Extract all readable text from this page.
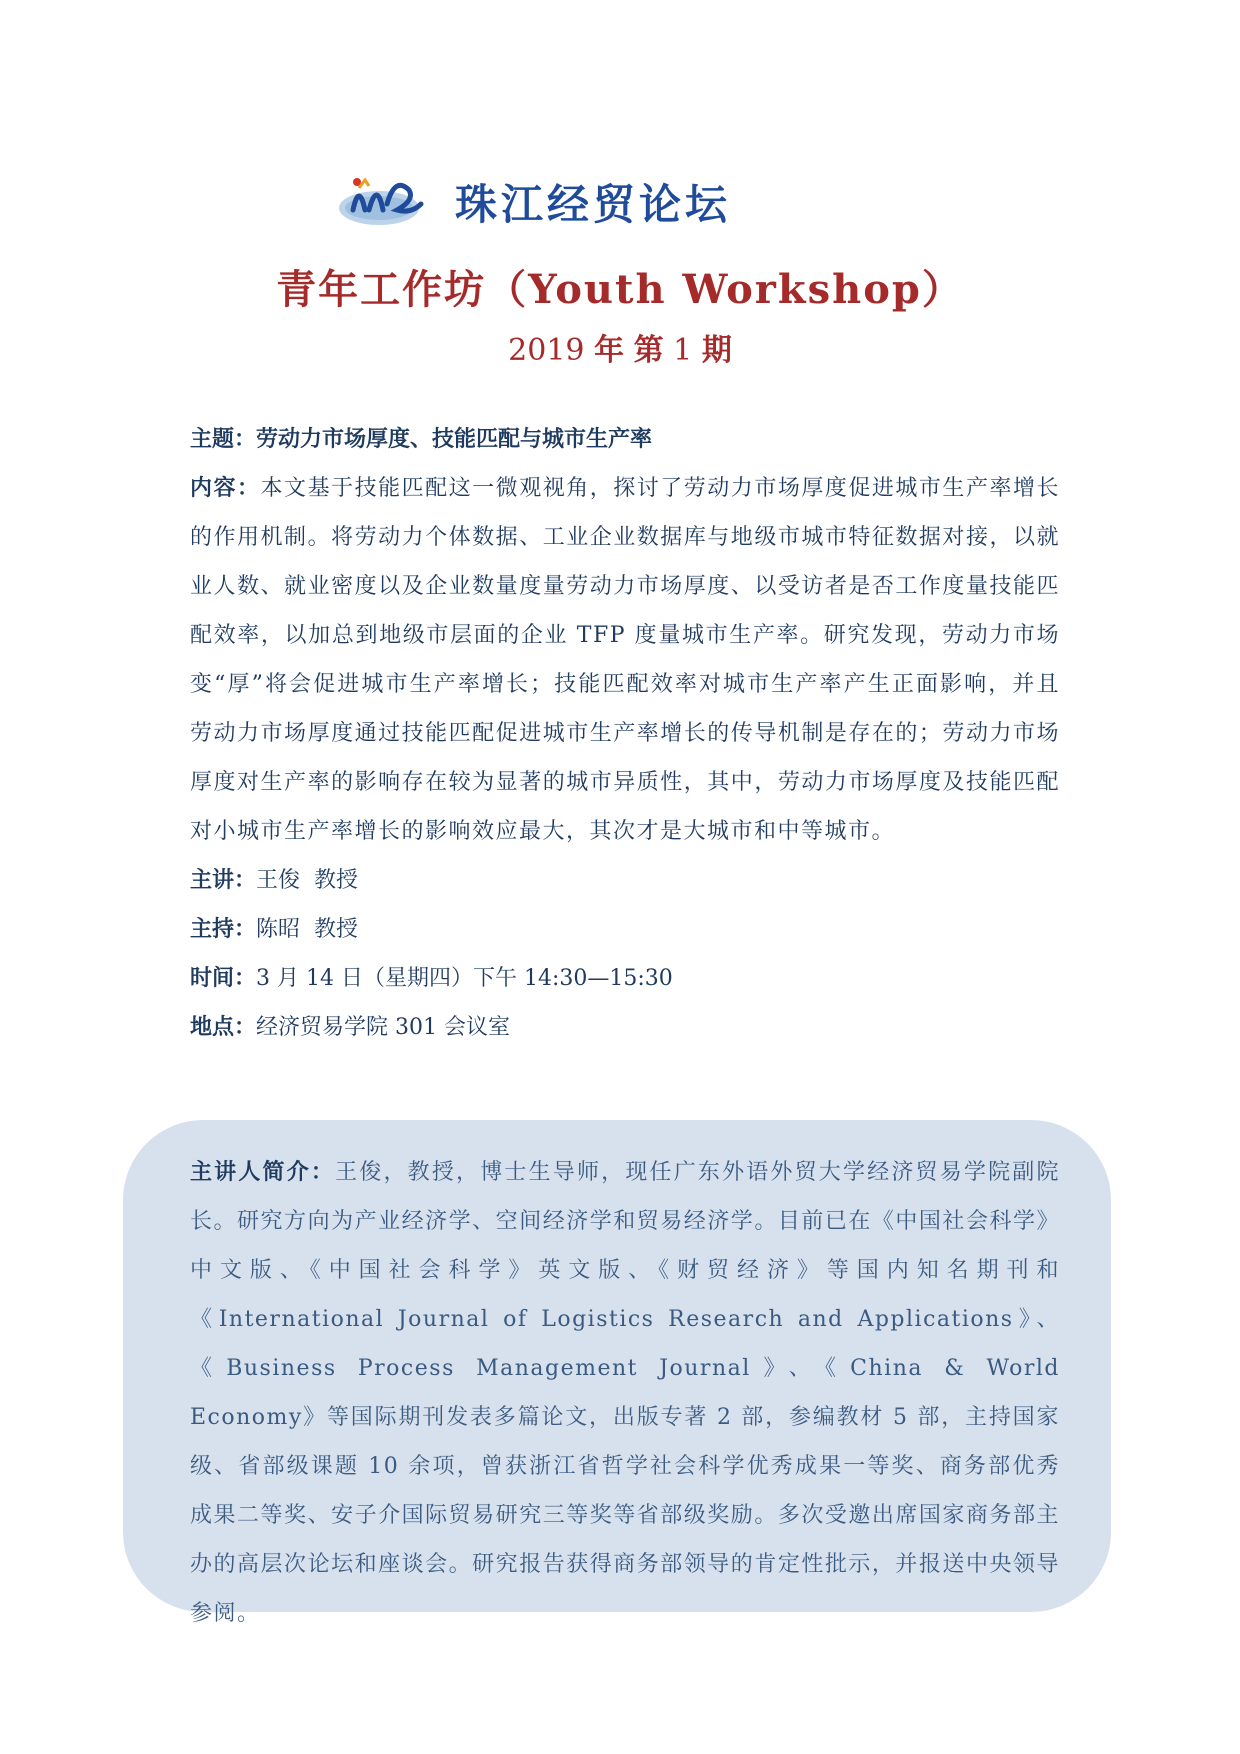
珠江经贸论坛
青年工作坊（Youth Workshop）
2019 年 第 1 期
主题：劳动力市场厚度、技能匹配与城市生产率

内容：本文基于技能匹配这一微观视角，探讨了劳动力市场厚度促进城市生产率增长的作用机制。将劳动力个体数据、工业企业数据库与地级市城市特征数据对接，以就业人数、就业密度以及企业数量度量劳动力市场厚度、以受访者是否工作度量技能匹配效率，以加总到地级市层面的企业 TFP 度量城市生产率。研究发现，劳动力市场变“厚”将会促进城市生产率增长；技能匹配效率对城市生产率产生正面影响，并且劳动力市场厚度通过技能匹配促进城市生产率增长的传导机制是存在的；劳动力市场厚度对生产率的影响存在较为显著的城市异质性，其中，劳动力市场厚度及技能匹配对小城市生产率增长的影响效应最大，其次才是大城市和中等城市。

主讲：王俊  教授
主持：陈昭  教授
时间：3 月 14 日（星期四）下午 14:30—15:30
地点：经济贸易学院 301 会议室

主讲人简介：王俊，教授，博士生导师，现任广东外语外贸大学经济贸易学院副院长。研究方向为产业经济学、空间经济学和贸易经济学。目前已在《中国社会科学》中文版、《中国社会科学》英文版、《财贸经济》等国内知名期刊和《International Journal of Logistics Research and Applications》、《Business Process Management Journal》、《China & World Economy》等国际期刊发表多篇论文，出版专著 2 部，参编教材 5 部，主持国家级、省部级课题 10 余项，曾获浙江省哲学社会科学优秀成果一等奖、商务部优秀成果二等奖、安子介国际贸易研究三等奖等省部级奖励。多次受邀出席国家商务部主办的高层次论坛和座谈会。研究报告获得商务部领导的肯定性批示，并报送中央领导参阅。
